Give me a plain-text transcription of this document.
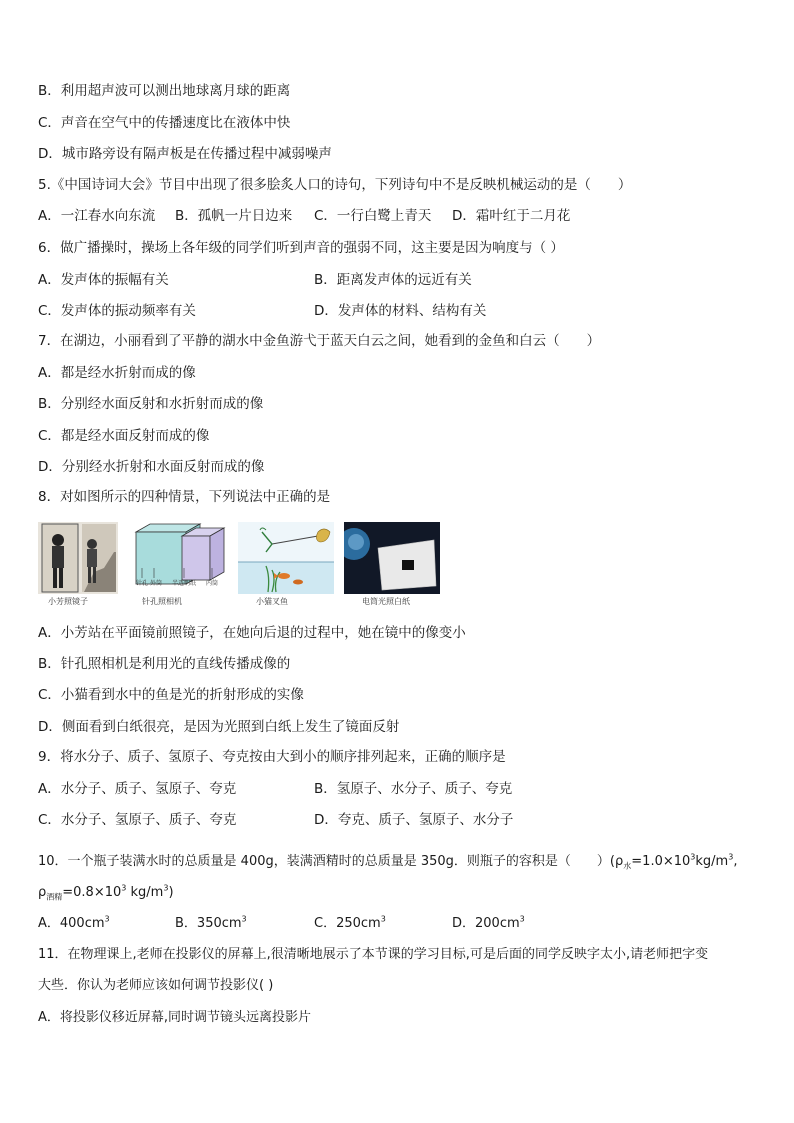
B．利用超声波可以测出地球离月球的距离
C．声音在空气中的传播速度比在液体中快
D．城市路旁设有隔声板是在传播过程中减弱噪声
5.《中国诗词大会》节目中出现了很多脍炙人口的诗句，下列诗句中不是反映机械运动的是（　　）
A．一江春水向东流 B．孤帆一片日边来 C．一行白鹭上青天 D．霜叶红于二月花
6．做广播操时，操场上各年级的同学们听到声音的强弱不同，这主要是因为响度与（ ）
A．发声体的振幅有关	B．距离发声体的远近有关
C．发声体的振动频率有关	D．发声体的材料、结构有关
7．在湖边，小丽看到了平静的湖水中金鱼游弋于蓝天白云之间，她看到的金鱼和白云（　　）
A．都是经水折射而成的像
B．分别经水面反射和水折射而成的像
C．都是经水面反射而成的像
D．分别经水折射和水面反射而成的像
8．对如图所示的四种情景，下列说法中正确的是
小芳照镜子
针孔 外筒 半透明纸 内筒
针孔照相机	小猫叉鱼	电筒光照白纸
A．小芳站在平面镜前照镜子，在她向后退的过程中，她在镜中的像变小
B．针孔照相机是利用光的直线传播成像的
C．小猫看到水中的鱼是光的折射形成的实像
D．侧面看到白纸很亮，是因为光照到白纸上发生了镜面反射
9．将水分子、质子、氢原子、夸克按由大到小的顺序排列起来，正确的顺序是
A．水分子、质子、氢原子、夸克	B．氢原子、水分子、质子、夸克
C．水分子、氢原子、质子、夸克	D．夸克、质子、氢原子、水分子
10．一个瓶子装满水时的总质量是 400g，装满酒精时的总质量是 350g．则瓶子的容积是（　　）($\rho_水=1.0\times 10^3kg/m^3$,
$\rho_{酒精}=0.8\times 10^3$ $kg/m^3$)
A．$400cm^3$	B．$350cm^3$	C．$250cm^3$	D．$200cm^3$
11．在物理课上,老师在投影仪的屏幕上,很清晰地展示了本节课的学习目标,可是后面的同学反映字太小,请老师把字变
大些．你认为老师应该如何调节投影仪( )
A．将投影仪移近屏幕,同时调节镜头远离投影片
